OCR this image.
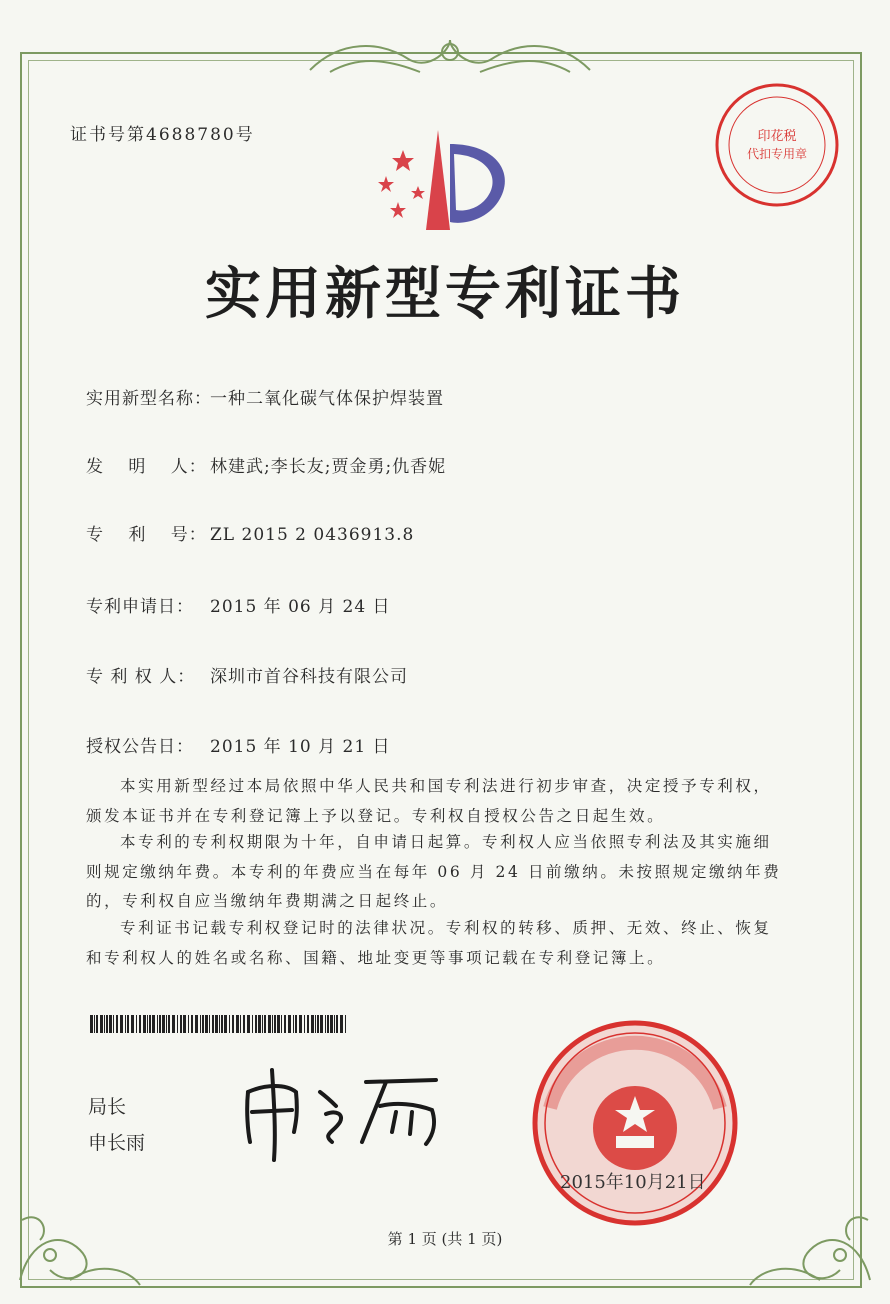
证书号第4688780号
实用新型专利证书
实用新型名称：一种二氧化碳气体保护焊装置
发　 明　 人： 林建武;李长友;贾金勇;仇香妮
专　 利　 号： ZL 2015 2 0436913.8
专利申请日： 2015 年 06 月 24 日
专 利 权 人： 深圳市首谷科技有限公司
授权公告日： 2015 年 10 月 21 日
本实用新型经过本局依照中华人民共和国专利法进行初步审查，决定授予专利权，颁发本证书并在专利登记簿上予以登记。专利权自授权公告之日起生效。
本专利的专利权期限为十年，自申请日起算。专利权人应当依照专利法及其实施细则规定缴纳年费。本专利的年费应当在每年 06 月 24 日前缴纳。未按照规定缴纳年费的，专利权自应当缴纳年费期满之日起终止。
专利证书记载专利权登记时的法律状况。专利权的转移、质押、无效、终止、恢复和专利权人的姓名或名称、国籍、地址变更等事项记载在专利登记簿上。
局长
申长雨
印花税
代扣专用章
2015年10月21日
第 1 页 (共 1 页)
